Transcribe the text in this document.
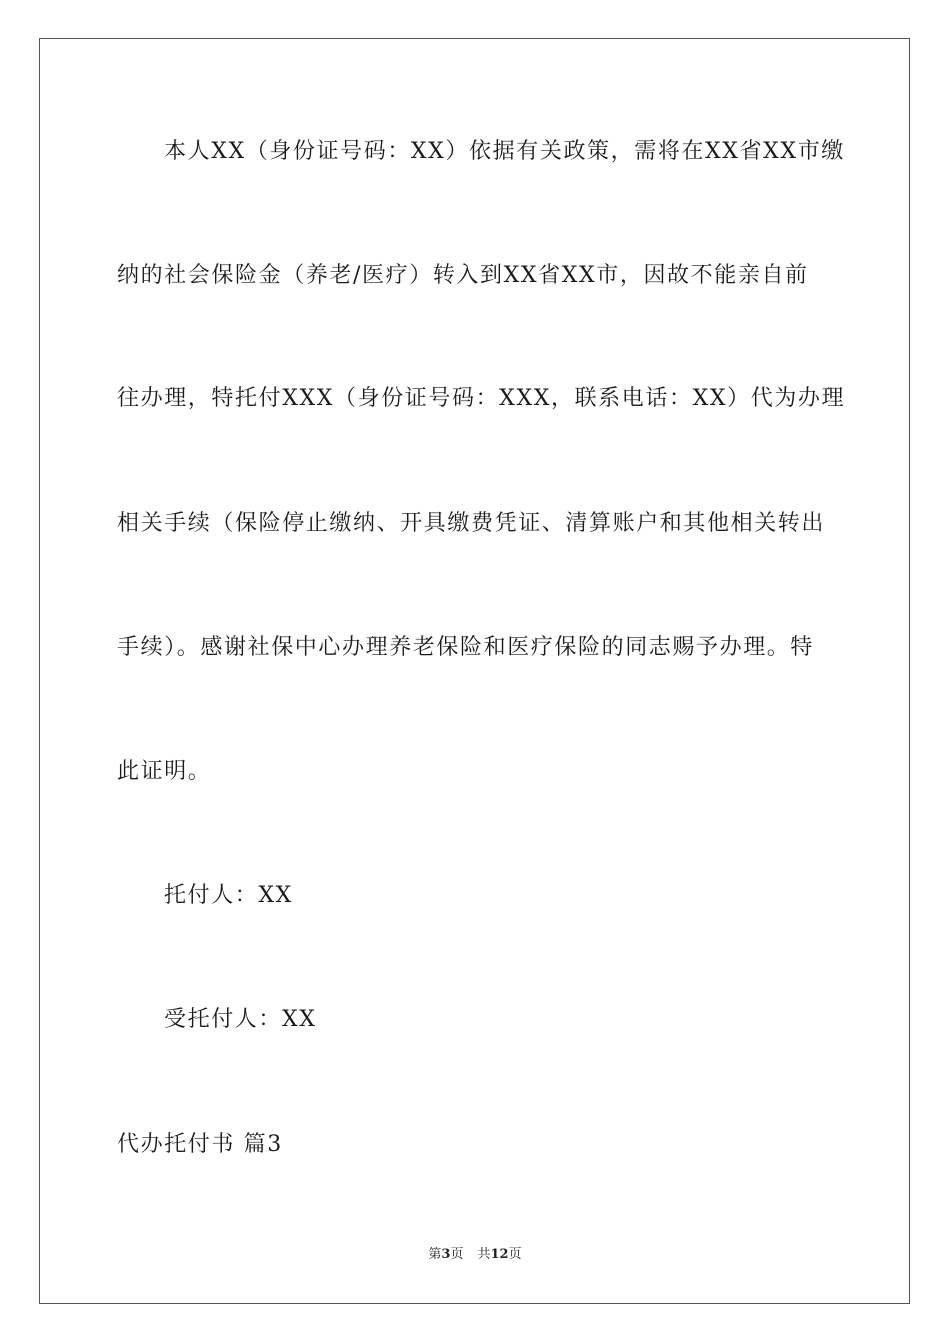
本人XX（身份证号码：XX）依据有关政策，需将在XX省XX市缴
纳的社会保险金（养老/医疗）转入到XX省XX市，因故不能亲自前
往办理，特托付XXX（身份证号码：XXX，联系电话：XX）代为办理
相关手续（保险停止缴纳、开具缴费凭证、清算账户和其他相关转出
手续）。感谢社保中心办理养老保险和医疗保险的同志赐予办理。特
此证明。
托付人：XX
受托付人：XX
代办托付书 篇3
第3页 共12页
